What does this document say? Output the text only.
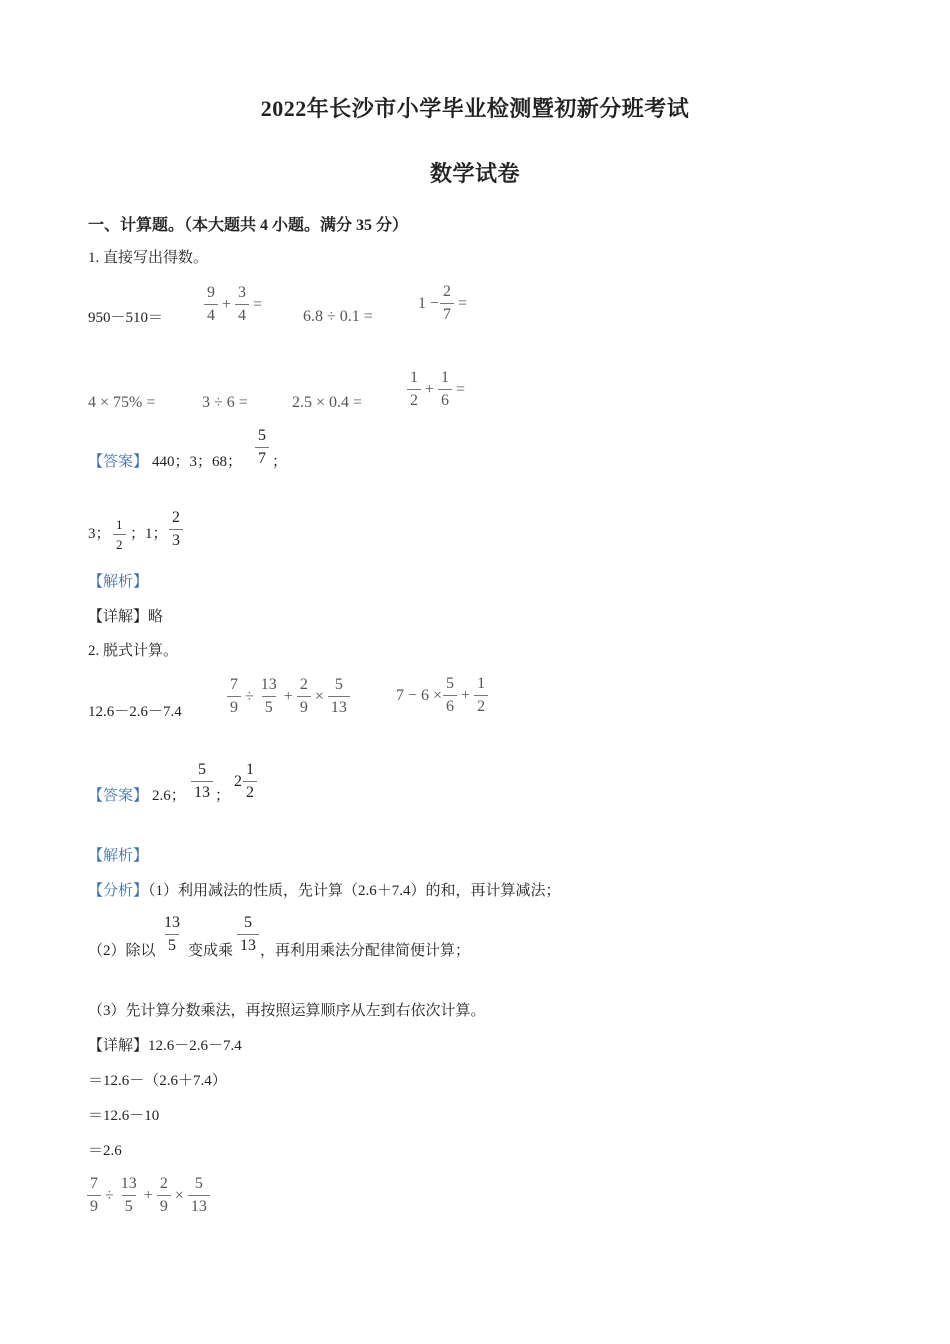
2022年长沙市小学毕业检测暨初新分班考试
数学试卷
一、计算题。（本大题共 4 小题。满分 35 分）
1. 直接写出得数。
950－510＝	$\frac{9}{4} + \frac{3}{4}$ =
6.8 ÷ 0.1 =
$1 - \frac{2}{7}$ =
4 × 75% =	3 ÷ 6 =	2.5 × 0.4 =	$\frac{1}{2} + \frac{1}{6}$ =
【答案】 440；3；68； $\frac{5}{7}$ ；
3； $\frac{1}{2}$ ；1； $\frac{2}{3}$
【解析】
【详解】略
2. 脱式计算。
12.6－2.6－7.4	$\frac{7}{9} \div \frac{13}{5} + \frac{2}{9} \times \frac{5}{13}$	$7 - 6 \times \frac{5}{6} + \frac{1}{2}$
【答案】 2.6； $\frac{5}{13}$ ；
$2 \frac{1}{2}$
【解析】
【分析】（1）利用减法的性质，先计算（2.6＋7.4）的和，再计算减法；
（2）除以 $\frac{13}{5}$ 变成乘 $\frac{5}{13}$ ，再利用乘法分配律简便计算；
（3）先计算分数乘法，再按照运算顺序从左到右依次计算。
【详解】12.6－2.6－7.4
＝12.6－（2.6＋7.4）
＝12.6－10
＝2.6
$\frac{7}{9} \div \frac{13}{5} + \frac{2}{9} \times \frac{5}{13}$
